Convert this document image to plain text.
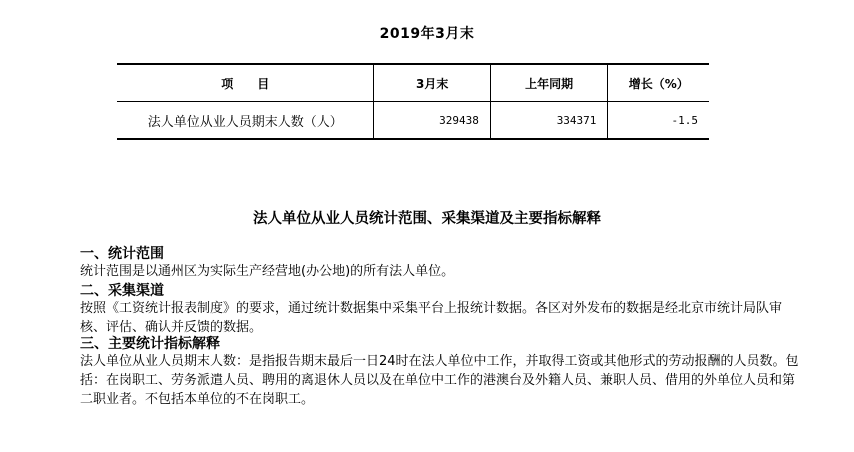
2019年3月末
项　　目	3月末	上年同期	增长（%）
法人单位从业人员期末人数（人）	329438	334371	-1.5
法人单位从业人员统计范围、采集渠道及主要指标解释
一、统计范围
统计范围是以通州区为实际生产经营地(办公地)的所有法人单位。
二、采集渠道
按照《工资统计报表制度》的要求，通过统计数据集中采集平台上报统计数据。各区对外发布的数据是经北京市统计局队审核、评估、确认并反馈的数据。
三、主要统计指标解释
法人单位从业人员期末人数：是指报告期末最后一日24时在法人单位中工作，并取得工资或其他形式的劳动报酬的人员数。包括：在岗职工、劳务派遣人员、聘用的离退休人员以及在单位中工作的港澳台及外籍人员、兼职人员、借用的外单位人员和第二职业者。不包括本单位的不在岗职工。
